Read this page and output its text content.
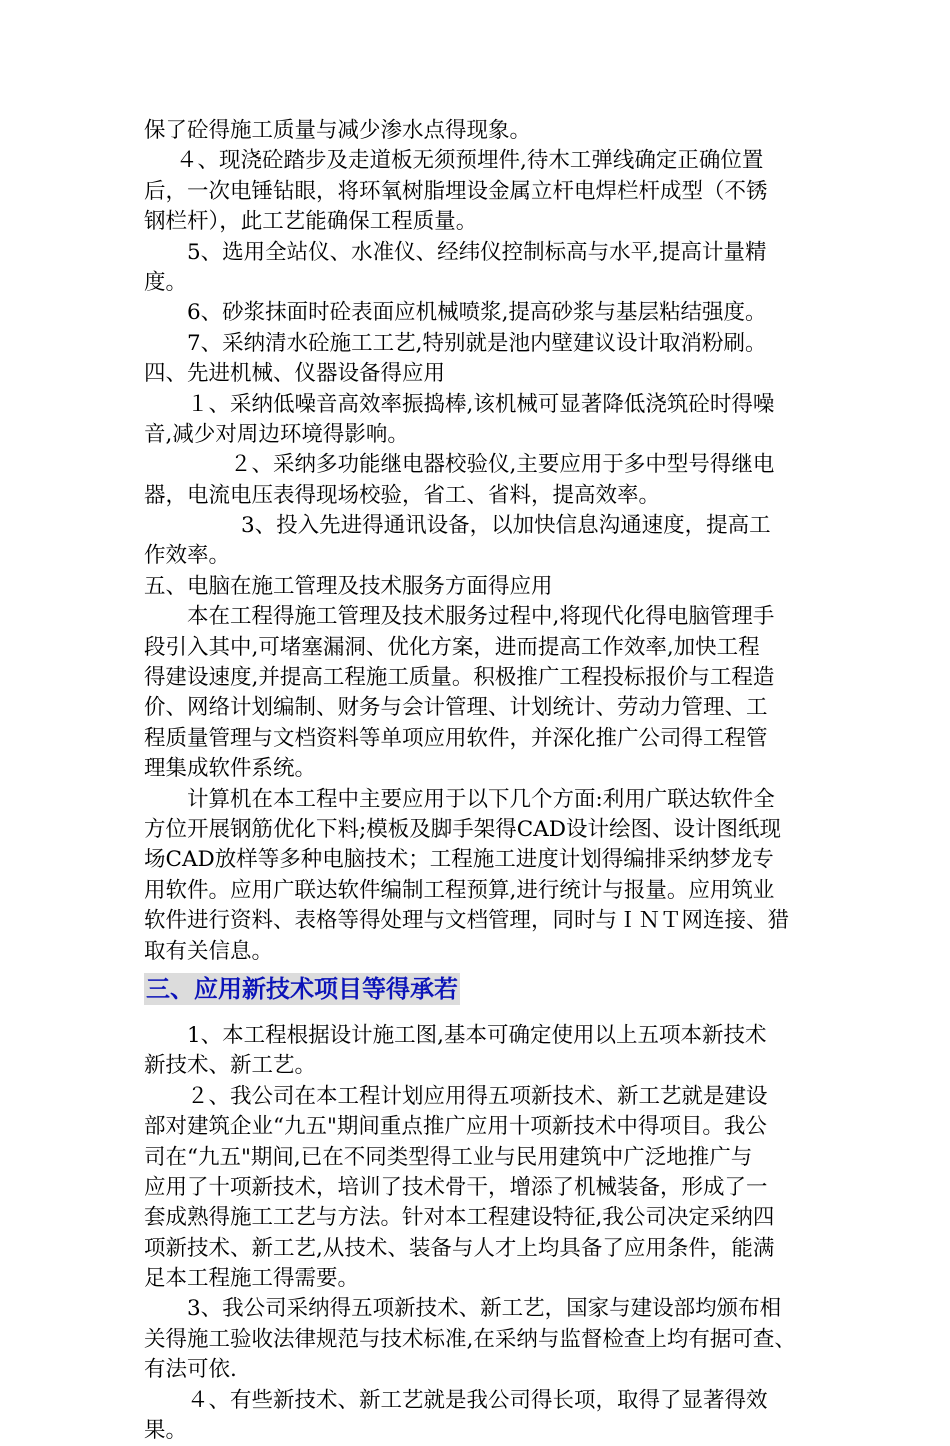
保了砼得施工质量与减少渗水点得现象。
４、现浇砼踏步及走道板无须预埋件,待木工弹线确定正确位置
后，一次电锤钻眼，将环氧树脂埋设金属立杆电焊栏杆成型（不锈
钢栏杆），此工艺能确保工程质量。
5、选用全站仪、水准仪、经纬仪控制标高与水平,提高计量精
度。
6、砂浆抹面时砼表面应机械喷浆,提高砂浆与基层粘结强度。
7、采纳清水砼施工工艺,特别就是池内壁建议设计取消粉刷。
四、先进机械、仪器设备得应用
１、采纳低噪音高效率振捣棒,该机械可显著降低浇筑砼时得噪
音,减少对周边环境得影响。
２、采纳多功能继电器校验仪,主要应用于多中型号得继电
器，电流电压表得现场校验，省工、省料，提高效率。
3、投入先进得通讯设备，以加快信息沟通速度，提高工
作效率。
五、电脑在施工管理及技术服务方面得应用
本在工程得施工管理及技术服务过程中,将现代化得电脑管理手
段引入其中,可堵塞漏洞、优化方案，进而提高工作效率,加快工程
得建设速度,并提高工程施工质量。积极推广工程投标报价与工程造
价、网络计划编制、财务与会计管理、计划统计、劳动力管理、工
程质量管理与文档资料等单项应用软件，并深化推广公司得工程管
理集成软件系统。
计算机在本工程中主要应用于以下几个方面:利用广联达软件全
方位开展钢筋优化下料;模板及脚手架得CAD设计绘图、设计图纸现
场CAD放样等多种电脑技术；工程施工进度计划得编排采纳梦龙专
用软件。应用广联达软件编制工程预算,进行统计与报量。应用筑业
软件进行资料、表格等得处理与文档管理，同时与ＩＮＴ网连接、猎
取有关信息。
三、应用新技术项目等得承若
1、本工程根据设计施工图,基本可确定使用以上五项本新技术
新技术、新工艺。
２、我公司在本工程计划应用得五项新技术、新工艺就是建设
部对建筑企业“九五"期间重点推广应用十项新技术中得项目。我公
司在“九五"期间,已在不同类型得工业与民用建筑中广泛地推广与
应用了十项新技术，培训了技术骨干，增添了机械装备，形成了一
套成熟得施工工艺与方法。针对本工程建设特征,我公司决定采纳四
项新技术、新工艺,从技术、装备与人才上均具备了应用条件，能满
足本工程施工得需要。
3、我公司采纳得五项新技术、新工艺，国家与建设部均颁布相
关得施工验收法律规范与技术标准,在采纳与监督检查上均有据可查、
有法可依.
４、有些新技术、新工艺就是我公司得长项，取得了显著得效
果。
